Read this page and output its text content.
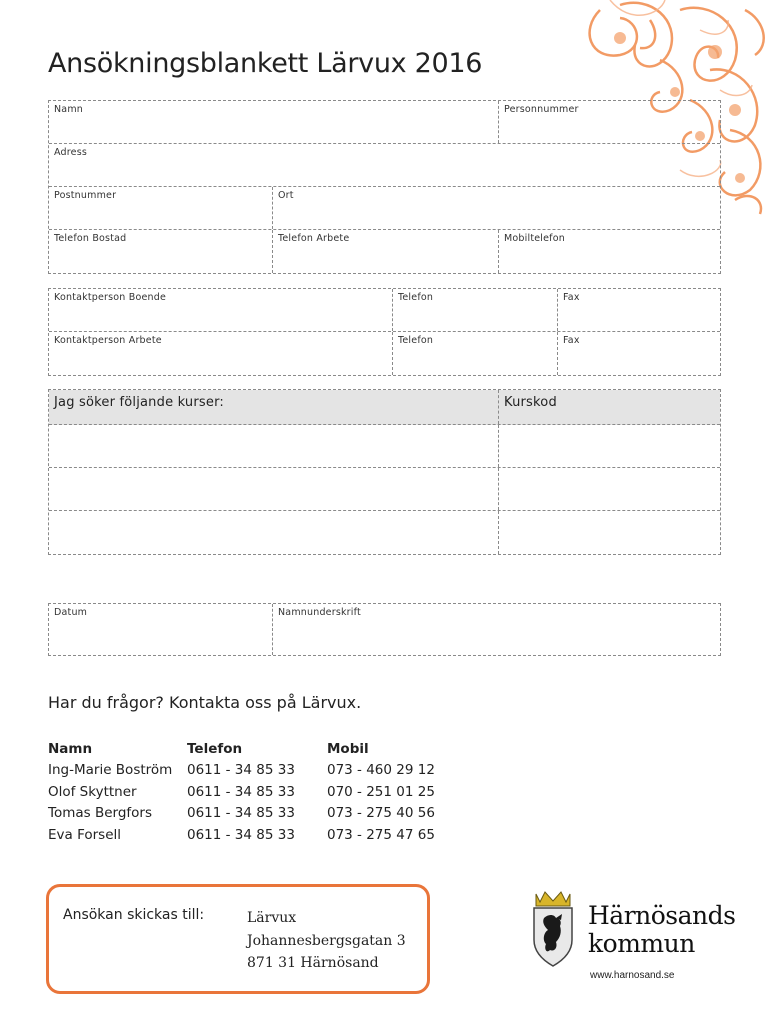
Ansökningsblankett Lärvux 2016
Namn	Personnummer
Adress
Postnummer	Ort
Telefon Bostad	Telefon Arbete	Mobiltelefon
Kontaktperson Boende	Telefon	Fax
Kontaktperson Arbete	Telefon	Fax
Jag söker följande kurser:	Kurskod
Datum	Namnunderskrift
Har du frågor? Kontakta oss på Lärvux.
Namn	Telefon	Mobil
Ing-Marie Boström	0611 - 34 85 33	073 - 460 29 12
Olof Skyttner	0611 - 34 85 33	070 - 251 01 25
Tomas Bergfors	0611 - 34 85 33	073 - 275 40 56
Eva Forsell	0611 - 34 85 33	073 - 275 47 65
Ansökan skickas till:	Lärvux
Johannesbergsgatan 3
871 31 Härnösand
Härnösands
kommun
www.harnosand.se
